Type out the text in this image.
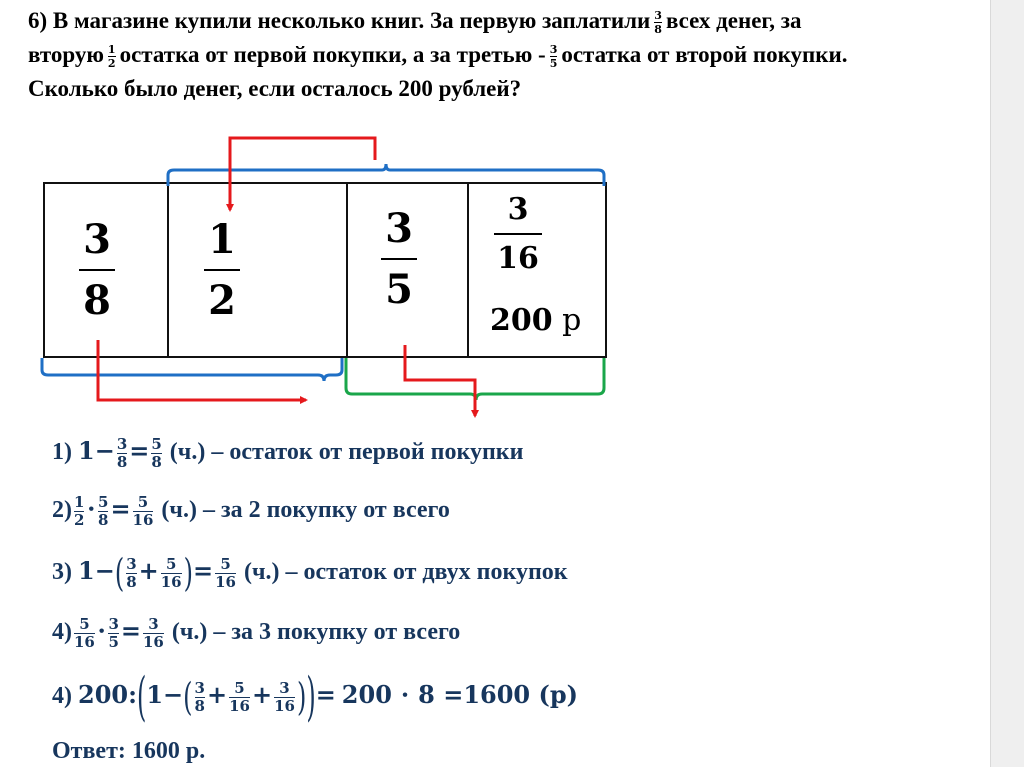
6) В магазине купили несколько книг. За первую заплатили $\frac{3}{8}$ всех денег, за
вторую $\frac{1}{2}$ остатка от первой покупки, а за третью - $\frac{3}{5}$ остатка от второй покупки.
Сколько было денег, если осталось 200 рублей?
3
8
1
2
3
5
3
16
200 р
1) $1- \frac{3}{8} = \frac{5}{8} (ч.)$ – остаток от первой покупки
$2) \frac{1}{2} \cdot \frac{5}{8} = \frac{5}{16} (ч.)$ – за 2 покупку от всего
3) $1-( \frac{3}{8} + \frac{5}{16}$ )= $\frac{5}{16} (ч.)$ – остаток от двух покупок
$4) \frac{5}{16} \cdot \frac{3}{5} = \frac{3}{16} (ч.)$ – за 3 покупку от всего
4) 200:(1−( $\frac{3}{8} + \frac{5}{16} + \frac{3}{16}$ ))= 200 ⋅ 8 =1600 (р)
Ответ: 1600 р.
